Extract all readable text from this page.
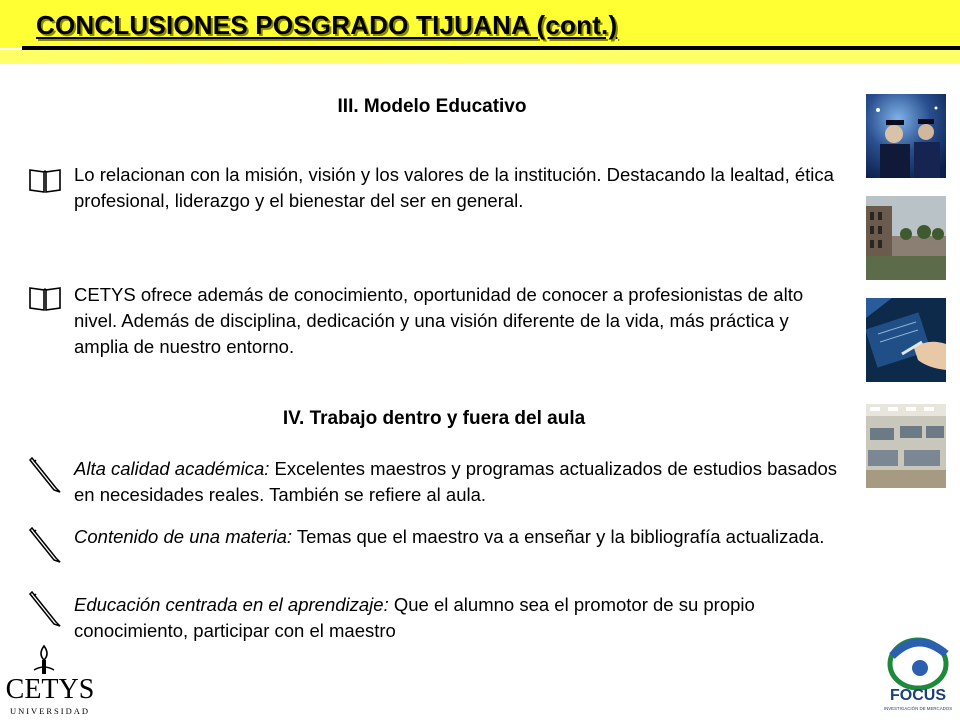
CONCLUSIONES POSGRADO TIJUANA (cont.)
III. Modelo Educativo
Lo relacionan con la misión, visión y los valores de la institución. Destacando la lealtad, ética profesional, liderazgo y el bienestar del ser en general.
CETYS ofrece además de conocimiento, oportunidad de conocer a profesionistas de alto nivel. Además de disciplina, dedicación y una visión diferente de la vida, más práctica y amplia de nuestro entorno.
IV. Trabajo dentro y fuera del aula
Alta calidad académica: Excelentes maestros y programas actualizados de estudios basados en necesidades reales. También se refiere al aula.
Contenido de una materia: Temas que el maestro va a enseñar y la bibliografía actualizada.
Educación centrada en el aprendizaje: Que el alumno sea el promotor de su propio conocimiento, participar con el maestro
CETYS
UNIVERSIDAD
FOCUS
INVESTIGACIÓN DE MERCADOS
